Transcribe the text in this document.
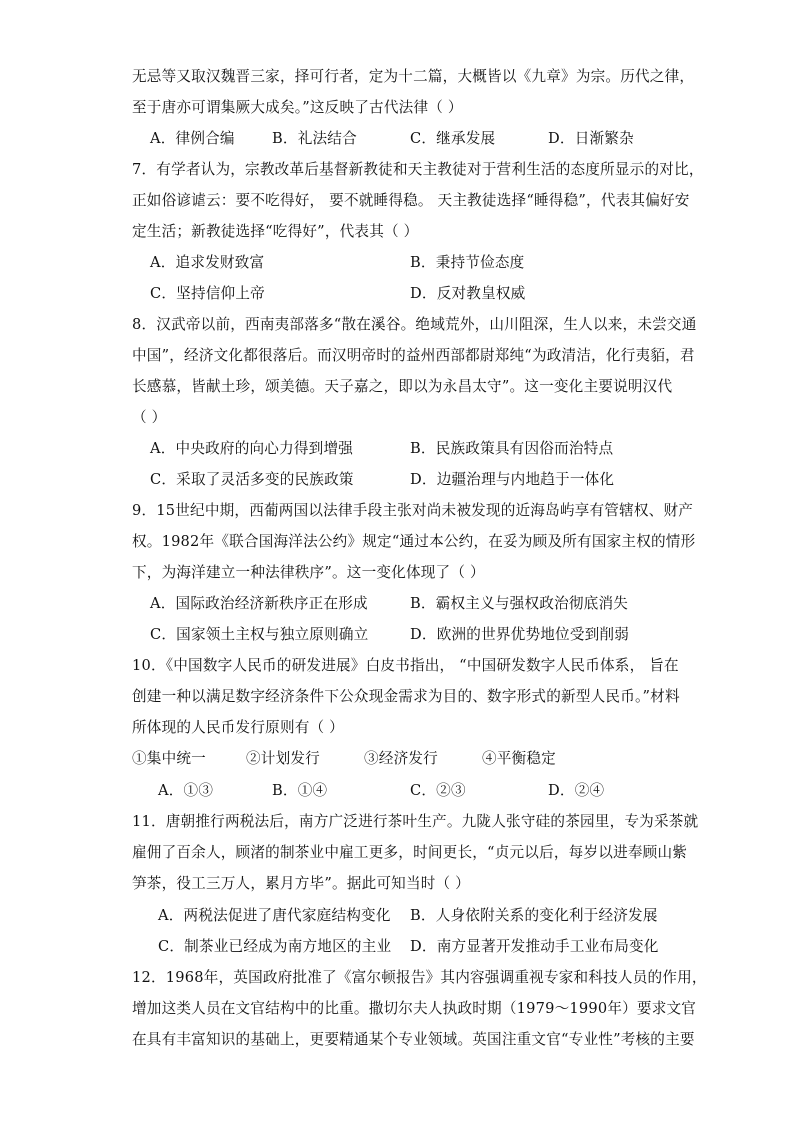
无忌等又取汉魏晋三家，择可行者，定为十二篇，大概皆以《九章》为宗。历代之律，
至于唐亦可谓集厥大成矣。”这反映了古代法律（ ）
A．律例合编	B．礼法结合	C．继承发展	D．日渐繁杂
7．有学者认为，宗教改革后基督新教徒和天主教徒对于营利生活的态度所显示的对比，
正如俗谚谑云：要不吃得好， 要不就睡得稳。 天主教徒选择“睡得稳”，代表其偏好安
定生活；新教徒选择“吃得好”，代表其（ ）
A．追求发财致富	B．秉持节俭态度
C．坚持信仰上帝	D．反对教皇权威
8．汉武帝以前，西南夷部落多“散在溪谷。绝域荒外，山川阻深，生人以来，未尝交通
中国”，经济文化都很落后。而汉明帝时的益州西部都尉郑纯“为政清洁，化行夷貊，君
长感慕，皆献土珍，颂美德。天子嘉之，即以为永昌太守”。这一变化主要说明汉代
（ ）
A．中央政府的向心力得到增强	B．民族政策具有因俗而治特点
C．采取了灵活多变的民族政策	D．边疆治理与内地趋于一体化
9．15世纪中期，西葡两国以法律手段主张对尚未被发现的近海岛屿享有管辖权、财产
权。1982年《联合国海洋法公约》规定“通过本公约，在妥为顾及所有国家主权的情形
下，为海洋建立一种法律秩序”。这一变化体现了（ ）
A．国际政治经济新秩序正在形成	B．霸权主义与强权政治彻底消失
C．国家领土主权与独立原则确立	D．欧洲的世界优势地位受到削弱
10．《中国数字人民币的研发进展》白皮书指出， “中国研发数字人民币体系， 旨在
创建一种以满足数字经济条件下公众现金需求为目的、数字形式的新型人民币。”材料
所体现的人民币发行原则有（ ）
①集中统一	②计划发行	③经济发行	④平衡稳定
A．①③	B．①④	C．②③	D．②④
11．唐朝推行两税法后，南方广泛进行茶叶生产。九陇人张守硅的茶园里，专为采茶就
雇佣了百余人，顾渚的制茶业中雇工更多，时间更长，“贞元以后，每岁以进奉顾山紫
笋茶，役工三万人，累月方毕”。据此可知当时（ ）
A．两税法促进了唐代家庭结构变化 B．人身依附关系的变化利于经济发展
C．制茶业已经成为南方地区的主业 D．南方显著开发推动手工业布局变化
12．1968年，英国政府批准了《富尔顿报告》其内容强调重视专家和科技人员的作用，
增加这类人员在文官结构中的比重。撒切尔夫人执政时期（1979～1990年）要求文官
在具有丰富知识的基础上，更要精通某个专业领域。英国注重文官“专业性”考核的主要
